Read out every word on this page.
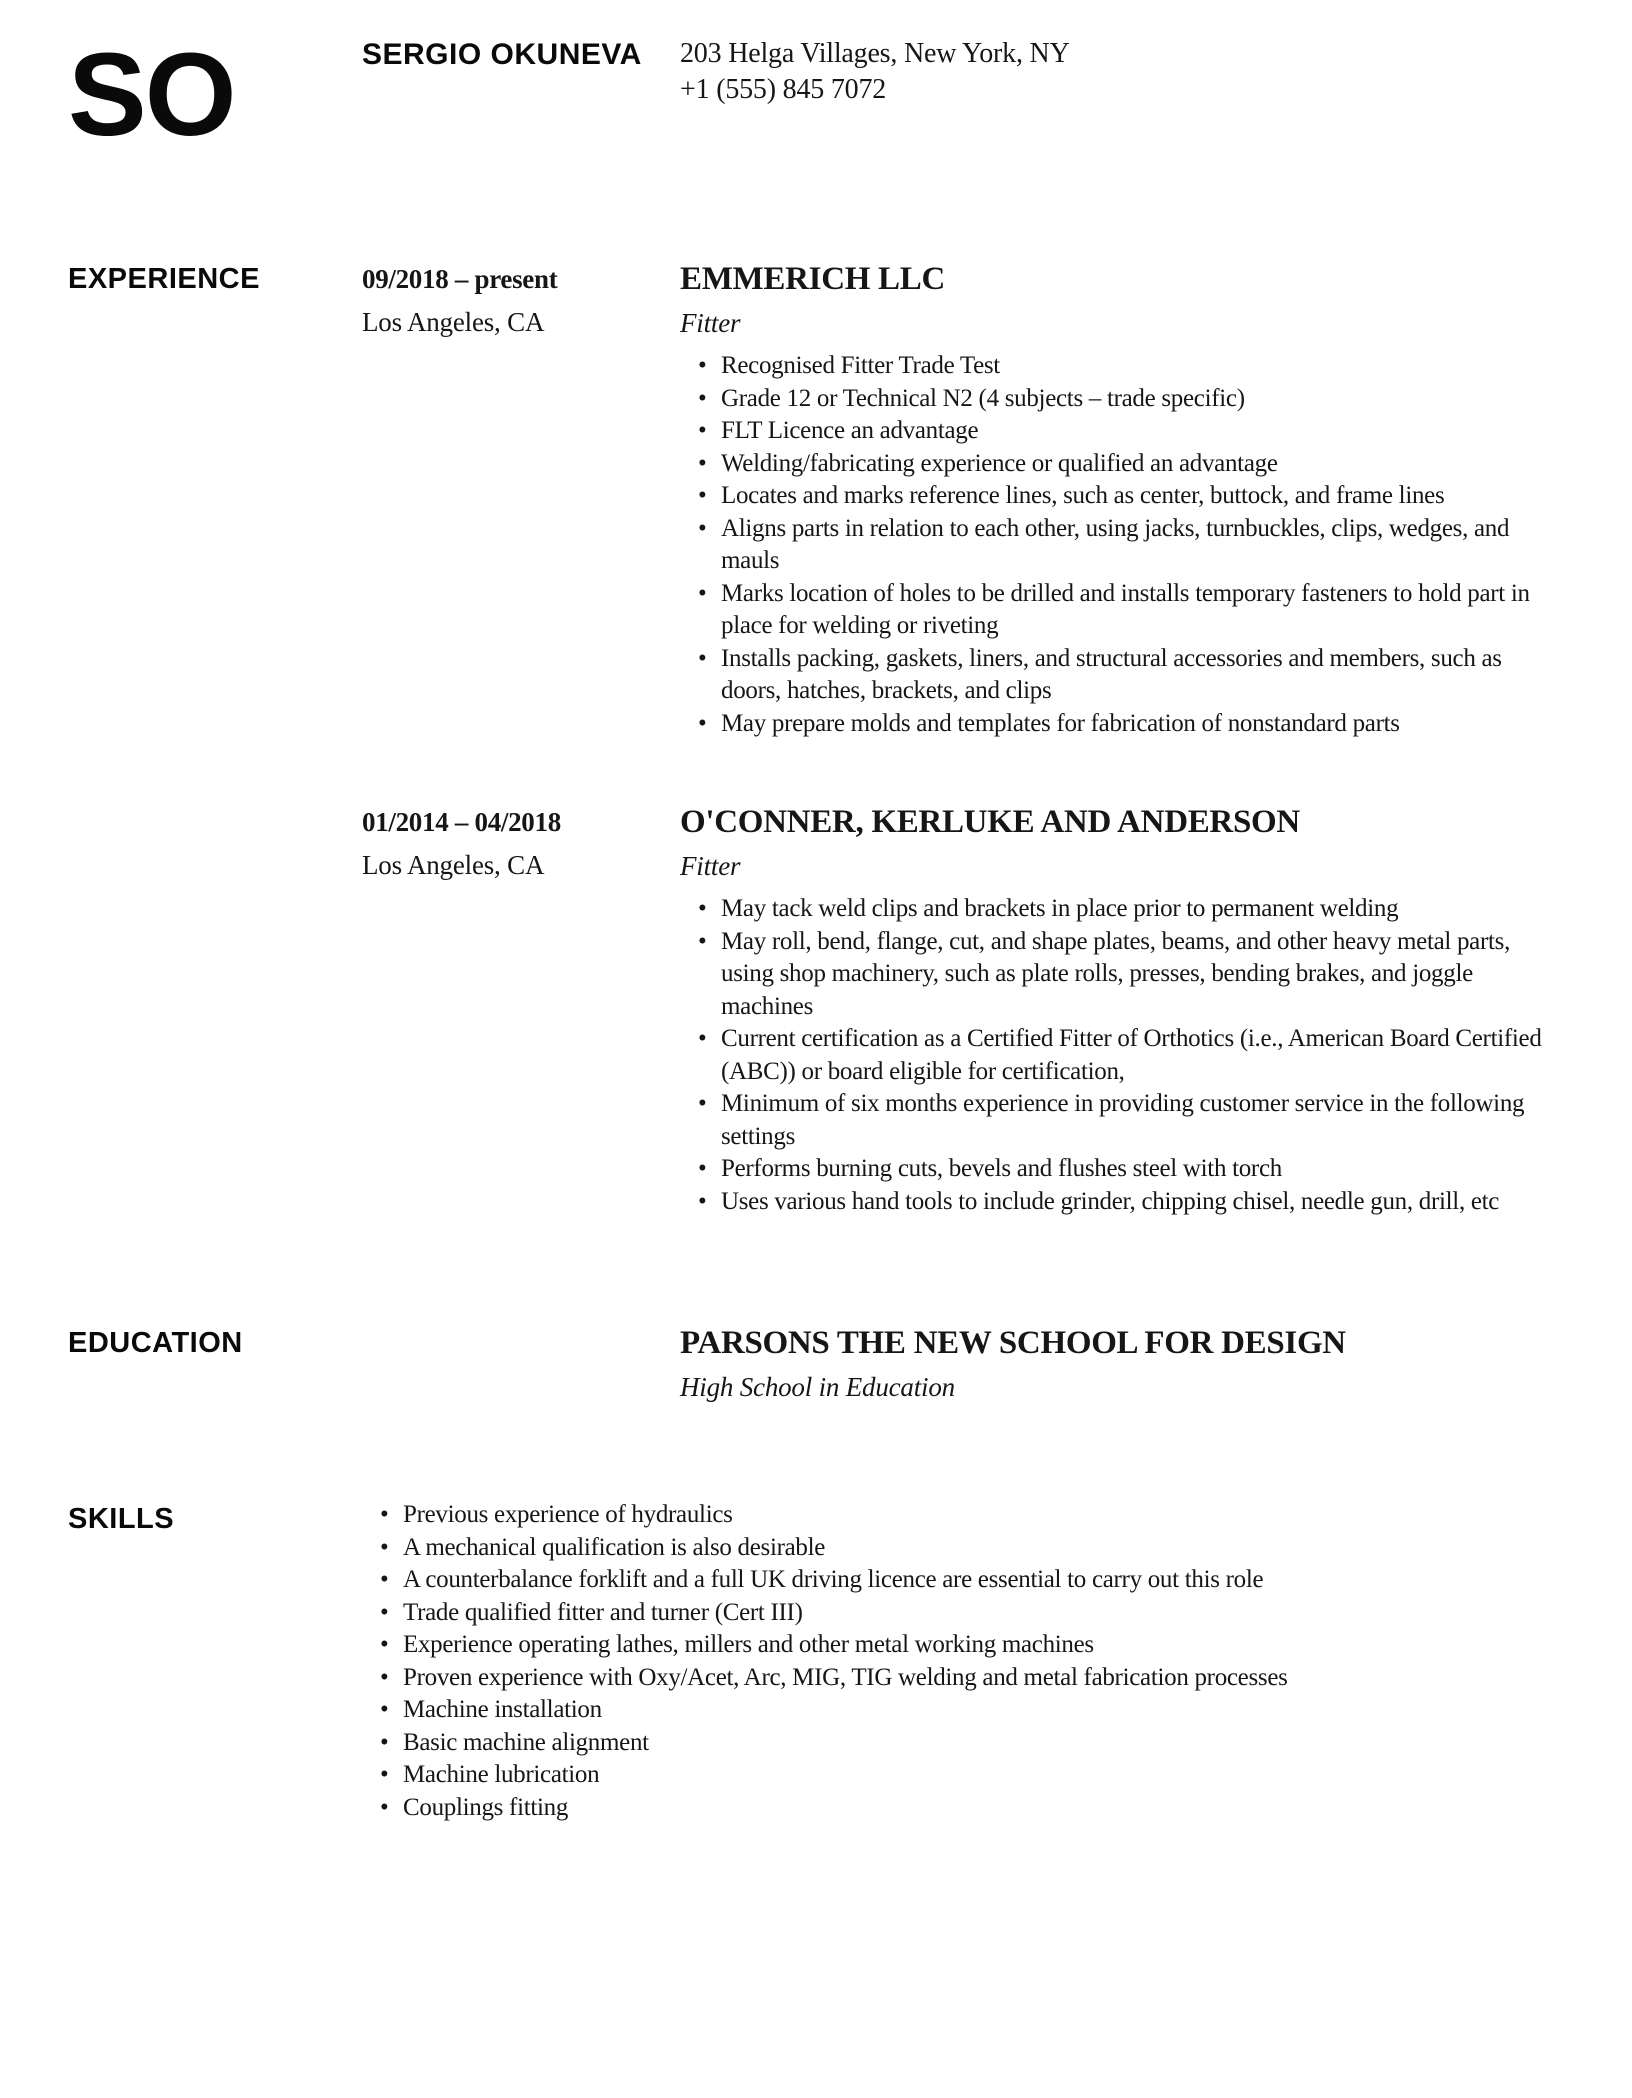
SO	SERGIO OKUNEVA	203 Helga Villages, New York, NY
+1 (555) 845 7072
EXPERIENCE	09/2018 – present
Los Angeles, CA
EMMERICH LLC
Fitter
• Recognised Fitter Trade Test
• Grade 12 or Technical N2 (4 subjects – trade specific)
• FLT Licence an advantage
• Welding/fabricating experience or qualified an advantage
• Locates and marks reference lines, such as center, buttock, and frame lines
• Aligns parts in relation to each other, using jacks, turnbuckles, clips, wedges, and mauls
• Marks location of holes to be drilled and installs temporary fasteners to hold part in place for welding or riveting
• Installs packing, gaskets, liners, and structural accessories and members, such as doors, hatches, brackets, and clips
• May prepare molds and templates for fabrication of nonstandard parts
01/2014 – 04/2018
Los Angeles, CA
O'CONNER, KERLUKE AND ANDERSON
Fitter
• May tack weld clips and brackets in place prior to permanent welding
• May roll, bend, flange, cut, and shape plates, beams, and other heavy metal parts, using shop machinery, such as plate rolls, presses, bending brakes, and joggle machines
• Current certification as a Certified Fitter of Orthotics (i.e., American Board Certified (ABC)) or board eligible for certification,
• Minimum of six months experience in providing customer service in the following settings
• Performs burning cuts, bevels and flushes steel with torch
• Uses various hand tools to include grinder, chipping chisel, needle gun, drill, etc
EDUCATION	PARSONS THE NEW SCHOOL FOR DESIGN
High School in Education
SKILLS	• Previous experience of hydraulics
• A mechanical qualification is also desirable
• A counterbalance forklift and a full UK driving licence are essential to carry out this role
• Trade qualified fitter and turner (Cert III)
• Experience operating lathes, millers and other metal working machines
• Proven experience with Oxy/Acet, Arc, MIG, TIG welding and metal fabrication processes
• Machine installation
• Basic machine alignment
• Machine lubrication
• Couplings fitting
